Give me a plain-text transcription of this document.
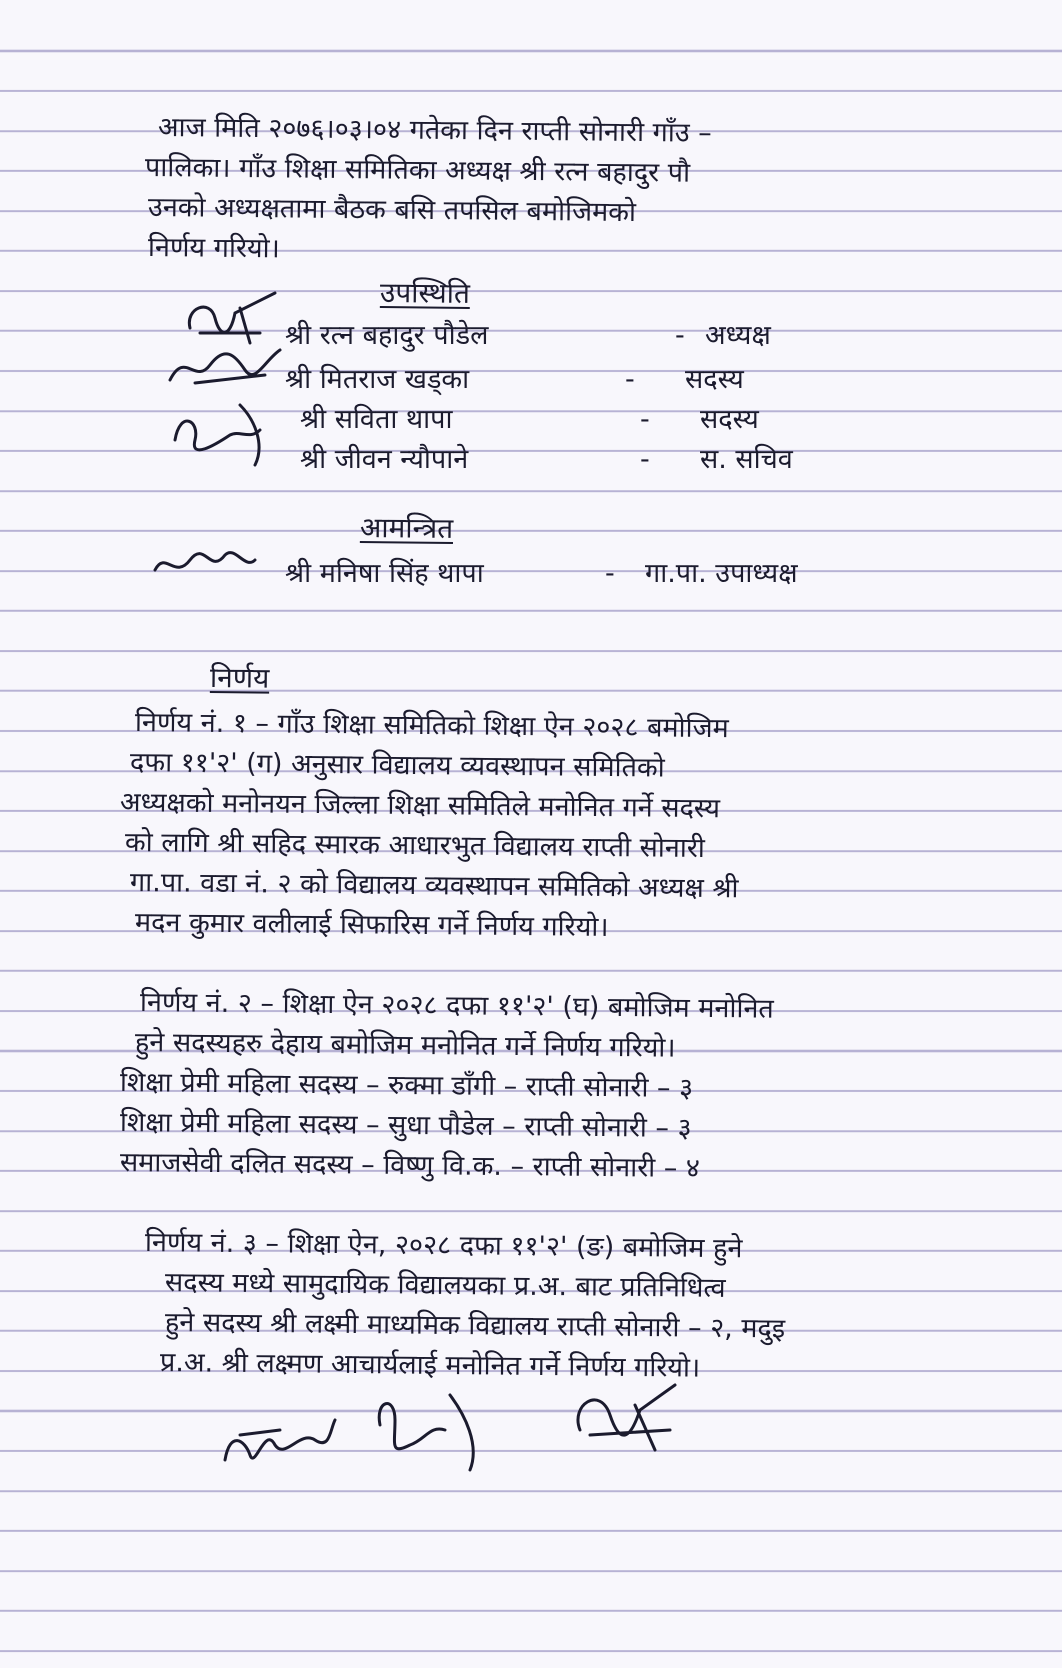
आज मिति २०७६।०३।०४ गतेका दिन राप्ती सोनारी गाँउ –
पालिका। गाँउ शिक्षा समितिका अध्यक्ष श्री रत्न बहादुर पौ
उनको अध्यक्षतामा बैठक बसि तपसिल बमोजिमको
निर्णय गरियो।
उपस्थिति
श्री रत्न बहादुर पौडेल	- अध्यक्ष
श्री मितराज खड्का	- सदस्य
श्री सविता थापा	- सदस्य
श्री जीवन न्यौपाने	- स. सचिव
आमन्त्रित
श्री मनिषा सिंह थापा	- गा.पा. उपाध्यक्ष
निर्णय
निर्णय नं. १ – गाँउ शिक्षा समितिको शिक्षा ऐन २०२८ बमोजिम
दफा ११'२' (ग) अनुसार विद्यालय व्यवस्थापन समितिको
अध्यक्षको मनोनयन जिल्ला शिक्षा समितिले मनोनित गर्ने सदस्य
को लागि श्री सहिद स्मारक आधारभुत विद्यालय राप्ती सोनारी
गा.पा. वडा नं. २ को विद्यालय व्यवस्थापन समितिको अध्यक्ष श्री
मदन कुमार वलीलाई सिफारिस गर्ने निर्णय गरियो।
निर्णय नं. २ – शिक्षा ऐन २०२८ दफा ११'२' (घ) बमोजिम मनोनित
हुने सदस्यहरु देहाय बमोजिम मनोनित गर्ने निर्णय गरियो।
शिक्षा प्रेमी महिला सदस्य – रुक्मा डाँगी – राप्ती सोनारी – ३
शिक्षा प्रेमी महिला सदस्य – सुधा पौडेल – राप्ती सोनारी – ३
समाजसेवी दलित सदस्य – विष्णु वि.क. – राप्ती सोनारी – ४
निर्णय नं. ३ – शिक्षा ऐन, २०२८ दफा ११'२' (ङ) बमोजिम हुने
सदस्य मध्ये सामुदायिक विद्यालयका प्र.अ. बाट प्रतिनिधित्व
हुने सदस्य श्री लक्ष्मी माध्यमिक विद्यालय राप्ती सोनारी – २, मदुइ
प्र.अ. श्री लक्ष्मण आचार्यलाई मनोनित गर्ने निर्णय गरियो।
